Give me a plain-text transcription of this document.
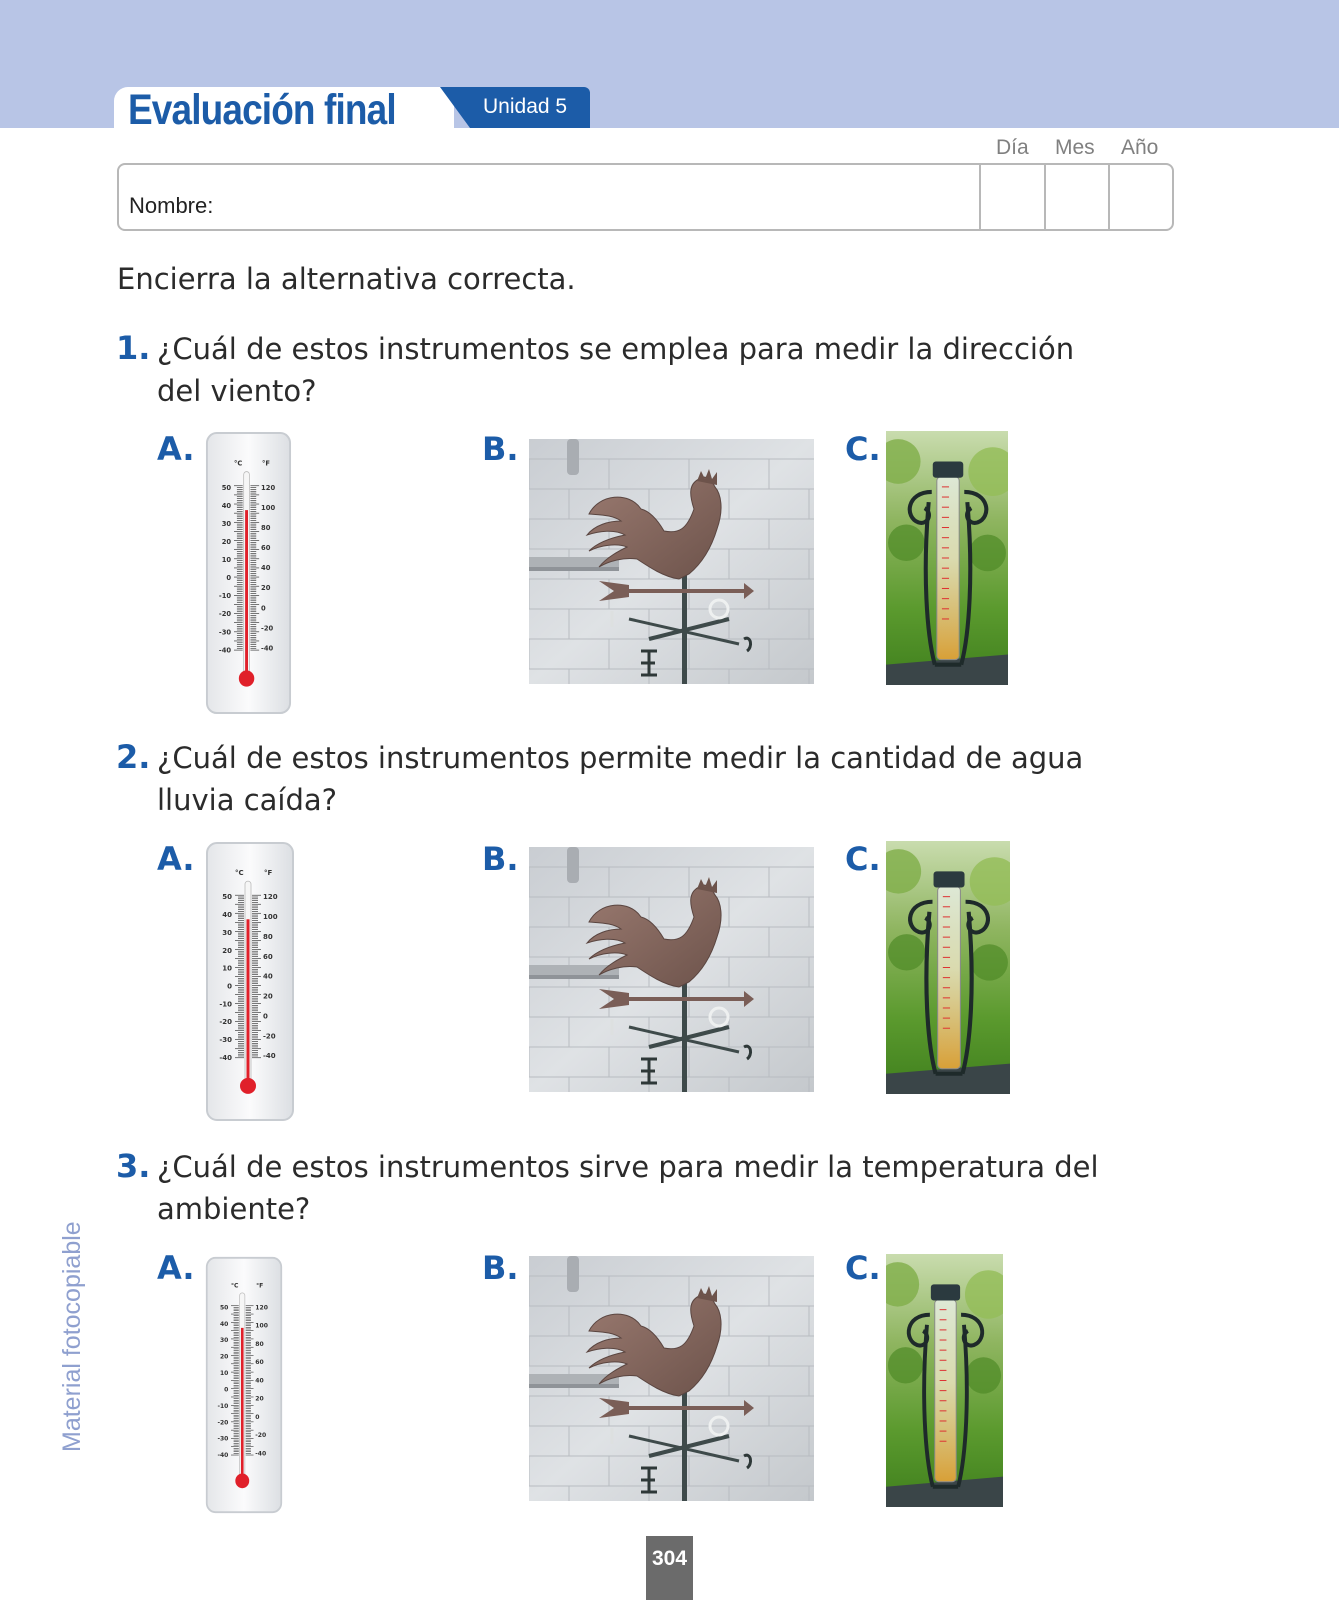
Evaluación final	Unidad 5
Día Mes Año
Nombre:
Encierra la alternativa correcta.
1. ¿Cuál de estos instrumentos se emplea para medir la dirección del viento?
A.	B.	C.
°C	°F
50
40
30
20
10
0
-10
-20
-30
-40
120
100
80
60
40
20
0
-20
-40
2. ¿Cuál de estos instrumentos permite medir la cantidad de agua lluvia caída?
A.	B.	C.
°C	°F
50
40
30
20
10
0
-10
-20
-30
-40
120
100
80
60
40
20
0
-20
-40
3. ¿Cuál de estos instrumentos sirve para medir la temperatura del ambiente?
A.	B.	C.
°C	°F
50
40
30
20
10
0
-10
-20
-30
-40
120
100
80
60
40
20
0
-20
-40
Material fotocopiable
304
